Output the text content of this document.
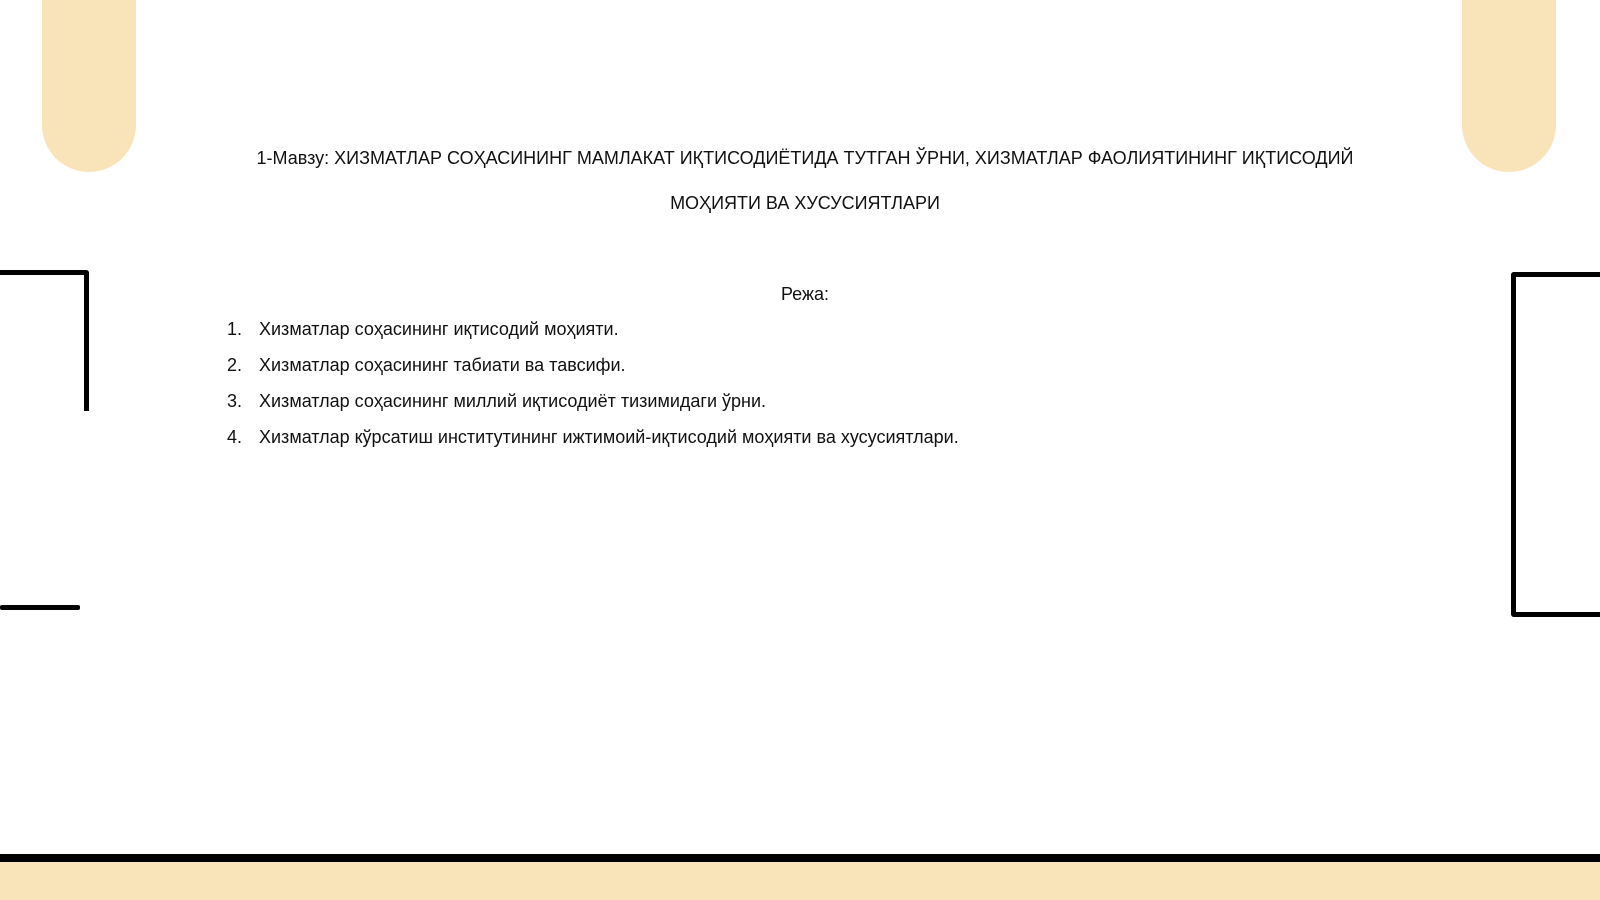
1-Мавзу: ХИЗМАТЛАР СОҲАСИНИНГ МАМЛАКАТ ИҚТИСОДИЁТИДА ТУТГАН ЎРНИ, ХИЗМАТЛАР ФАОЛИЯТИНИНГ ИҚТИСОДИЙ
МОҲИЯТИ ВА ХУСУСИЯТЛАРИ
Режа:
1. Хизматлар соҳасининг иқтисодий моҳияти.
2. Хизматлар соҳасининг табиати ва тавсифи.
3. Хизматлар соҳасининг миллий иқтисодиёт тизимидаги ўрни.
4. Хизматлар кўрсатиш институтининг ижтимоий-иқтисодий моҳияти ва хусусиятлари.
